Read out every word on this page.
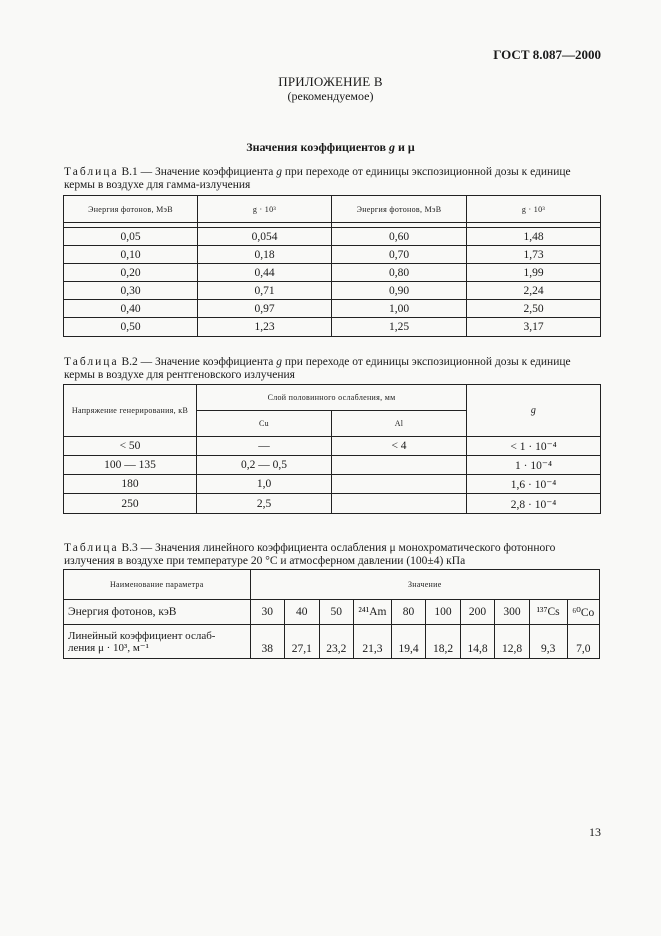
ГОСТ 8.087—2000
ПРИЛОЖЕНИЕ В
(рекомендуемое)
Значения коэффициентов g и μ
Таблица В.1 — Значение коэффициента g при переходе от единицы экспозиционной дозы к единице кермы в воздухе для гамма-излучения
Энергия фотонов, МэВ	g · 10³	Энергия фотонов, МэВ	g · 10³

0,05	0,054	0,60	1,48
0,10	0,18	0,70	1,73
0,20	0,44	0,80	1,99
0,30	0,71	0,90	2,24
0,40	0,97	1,00	2,50
0,50	1,23	1,25	3,17
Таблица В.2 — Значение коэффициента g при переходе от единицы экспозиционной дозы к единице кермы в воздухе для рентгеновского излучения
Напряжение генерирования, кВ	Слой половинного ослабления, мм		g
	Cu	Al	
< 50	—	< 4	< 1 · 10⁻⁴
100 — 135	0,2 — 0,5		1 · 10⁻⁴
180	1,0		1,6 · 10⁻⁴
250	2,5		2,8 · 10⁻⁴
Таблица В.3 — Значения линейного коэффициента ослабления μ монохроматического фотонного излучения в воздухе при температуре 20 °С и атмосферном давлении (100±4) кПа
Наименование параметра	Значение									
Энергия фотонов, кэВ	30	40	50	²⁴¹Am	80	100	200	300	¹³⁷Cs	⁶⁰Co
Линейный коэффициент ослаб-
ления μ · 10³, м⁻¹	38	27,1	23,2	21,3	19,4	18,2	14,8	12,8	9,3	7,0
13
